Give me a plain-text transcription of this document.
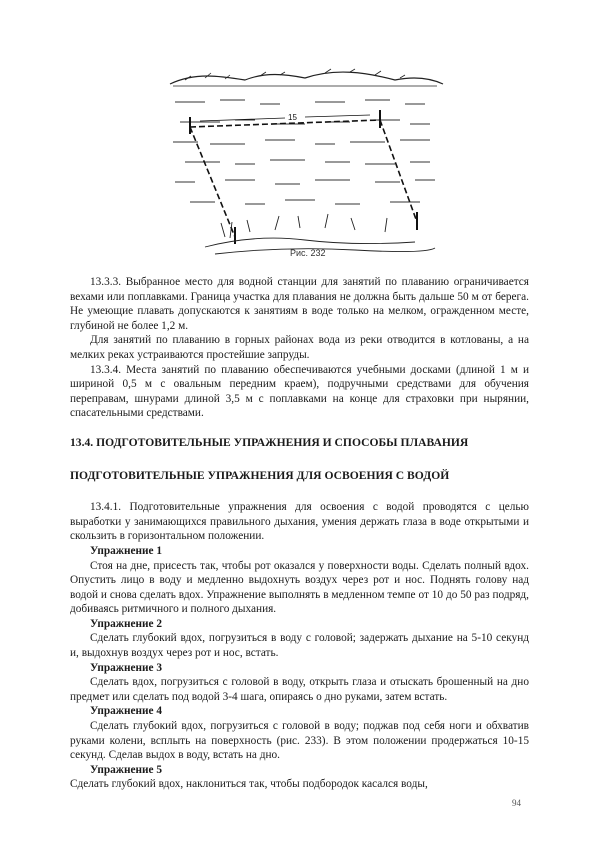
15
Рис. 232

13.3.3. Выбранное место для водной станции для занятий по плаванию ограничивается вехами или поплавками. Граница участка для плавания не должна быть дальше 50 м от берега. Не умеющие плавать допускаются к занятиям в воде только на мелком, огражденном месте, глубиной не более 1,2 м.

Для занятий по плаванию в горных районах вода из реки отводится в котлованы, а на мелких реках устраиваются простейшие запруды.

13.3.4. Места занятий по плаванию обеспечиваются учебными досками (длиной 1 м и шириной 0,5 м с овальным передним краем), подручными средствами для обучения переправам, шнурами длиной 3,5 м с поплавками на конце для страховки при нырянии, спасательными средствами.

13.4. ПОДГОТОВИТЕЛЬНЫЕ УПРАЖНЕНИЯ И СПОСОБЫ ПЛАВАНИЯ

ПОДГОТОВИТЕЛЬНЫЕ УПРАЖНЕНИЯ ДЛЯ ОСВОЕНИЯ С ВОДОЙ

13.4.1. Подготовительные упражнения для освоения с водой проводятся с целью выработки у занимающихся правильного дыхания, умения держать глаза в воде открытыми и скользить в горизонтальном положении.

Упражнение 1

Стоя на дне, присесть так, чтобы рот оказался у поверхности воды. Сделать полный вдох. Опустить лицо в воду и медленно выдохнуть воздух через рот и нос. Поднять голову над водой и снова сделать вдох. Упражнение выполнять в медленном темпе от 10 до 50 раз подряд, добиваясь ритмичного и полного дыхания.

Упражнение 2

Сделать глубокий вдох, погрузиться в воду с головой; задержать дыхание на 5-10 секунд и, выдохнув воздух через рот и нос, встать.

Упражнение 3

Сделать вдох, погрузиться с головой в воду, открыть глаза и отыскать брошенный на дно предмет или сделать под водой 3-4 шага, опираясь о дно руками, затем встать.

Упражнение 4

Сделать глубокий вдох, погрузиться с головой в воду; поджав под себя ноги и обхватив руками колени, всплыть на поверхность (рис. 233). В этом положении продержаться 10-15 секунд. Сделав выдох в воду, встать на дно.

Упражнение 5

Сделать глубокий вдох, наклониться так, чтобы подбородок касался воды,

94
